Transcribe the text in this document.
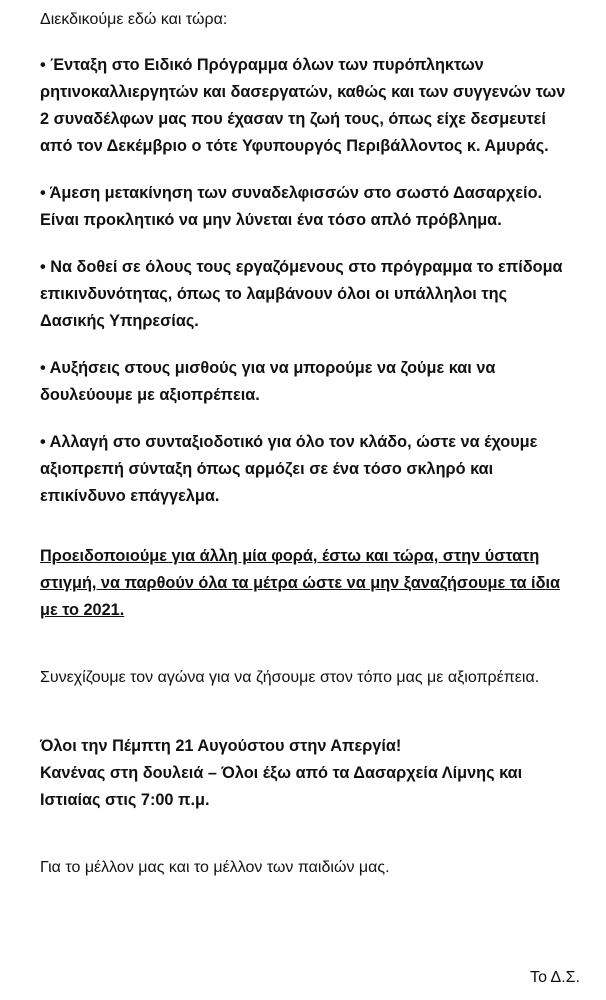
Διεκδικούμε εδώ και τώρα:

• Ένταξη στο Ειδικό Πρόγραμμα όλων των πυρόπληκτων ρητινοκαλλιεργητών και δασεργατών, καθώς και των συγγενών των 2 συναδέλφων μας που έχασαν τη ζωή τους, όπως είχε δεσμευτεί από τον Δεκέμβριο ο τότε Υφυπουργός Περιβάλλοντος κ. Αμυράς.
• Άμεση μετακίνηση των συναδελφισσών στο σωστό Δασαρχείο. Είναι προκλητικό να μην λύνεται ένα τόσο απλό πρόβλημα.
• Να δοθεί σε όλους τους εργαζόμενους στο πρόγραμμα το επίδομα επικινδυνότητας, όπως το λαμβάνουν όλοι οι υπάλληλοι της Δασικής Υπηρεσίας.
• Αυξήσεις στους μισθούς για να μπορούμε να ζούμε και να δουλεύουμε με αξιοπρέπεια.
• Αλλαγή στο συνταξιοδοτικό για όλο τον κλάδο, ώστε να έχουμε αξιοπρεπή σύνταξη όπως αρμόζει σε ένα τόσο σκληρό και επικίνδυνο επάγγελμα.

Προειδοποιούμε για άλλη μία φορά, έστω και τώρα, στην ύστατη στιγμή, να παρθούν όλα τα μέτρα ώστε να μην ξαναζήσουμε τα ίδια με το 2021.

Συνεχίζουμε τον αγώνα για να ζήσουμε στον τόπο μας με αξιοπρέπεια.

Όλοι την Πέμπτη 21 Αυγούστου στην Απεργία!
Κανένας στη δουλειά – Όλοι έξω από τα Δασαρχεία Λίμνης και Ιστιαίας στις 7:00 π.μ.

Για το μέλλον μας και το μέλλον των παιδιών μας.

Το Δ.Σ.
